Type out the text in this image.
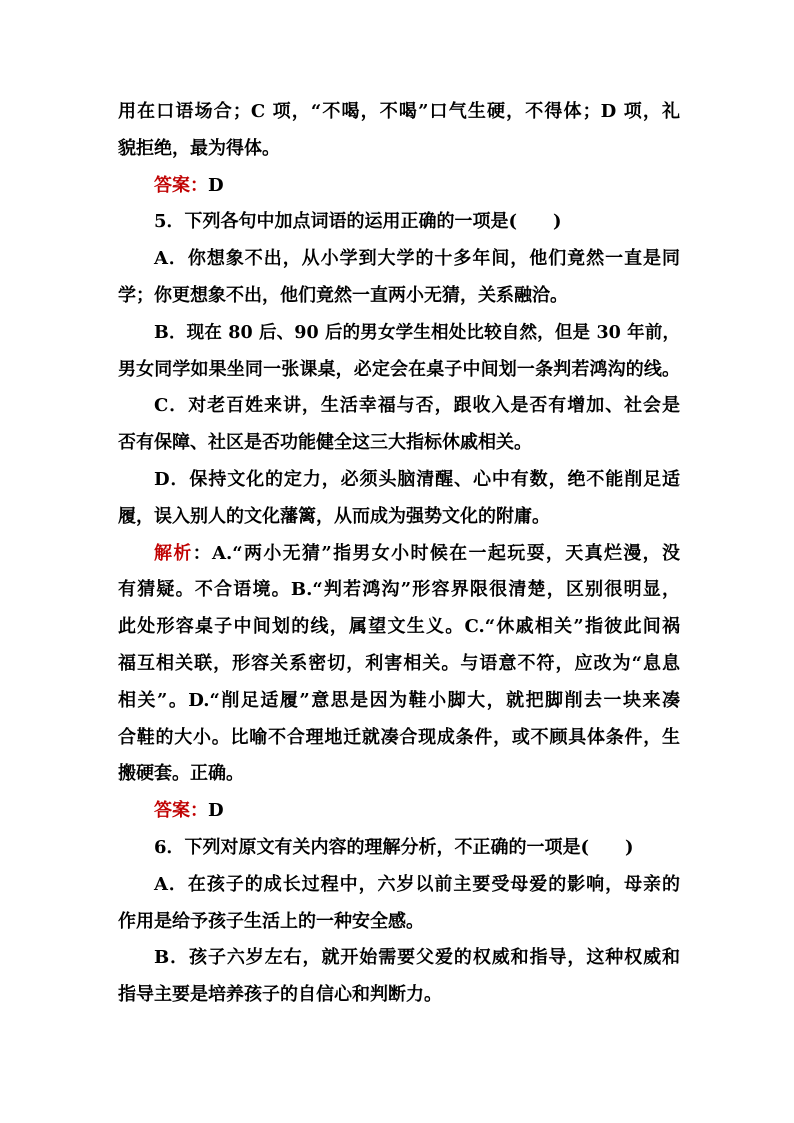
用在口语场合；C 项，“不喝，不喝”口气生硬，不得体；D 项，礼
貌拒绝，最为得体。
答案：D
5．下列各句中加点词语的运用正确的一项是(　　)
A．你想象不出，从小学到大学的十多年间，他们竟然一直是同
学；你更想象不出，他们竟然一直两小无猜，关系融洽。
B．现在 80 后、90 后的男女学生相处比较自然，但是 30 年前，
男女同学如果坐同一张课桌，必定会在桌子中间划一条判若鸿沟的线。
C．对老百姓来讲，生活幸福与否，跟收入是否有增加、社会是
否有保障、社区是否功能健全这三大指标休戚相关。
D．保持文化的定力，必须头脑清醒、心中有数，绝不能削足适
履，误入别人的文化藩篱，从而成为强势文化的附庸。
解析：A.“两小无猜”指男女小时候在一起玩耍，天真烂漫，没
有猜疑。不合语境。B.“判若鸿沟”形容界限很清楚，区别很明显，
此处形容桌子中间划的线，属望文生义。C.“休戚相关”指彼此间祸
福互相关联，形容关系密切，利害相关。与语意不符，应改为“息息
相关”。D.“削足适履”意思是因为鞋小脚大，就把脚削去一块来凑
合鞋的大小。比喻不合理地迁就凑合现成条件，或不顾具体条件，生
搬硬套。正确。
答案：D
6．下列对原文有关内容的理解分析，不正确的一项是(　　)
A．在孩子的成长过程中，六岁以前主要受母爱的影响，母亲的
作用是给予孩子生活上的一种安全感。
B．孩子六岁左右，就开始需要父爱的权威和指导，这种权威和
指导主要是培养孩子的自信心和判断力。
